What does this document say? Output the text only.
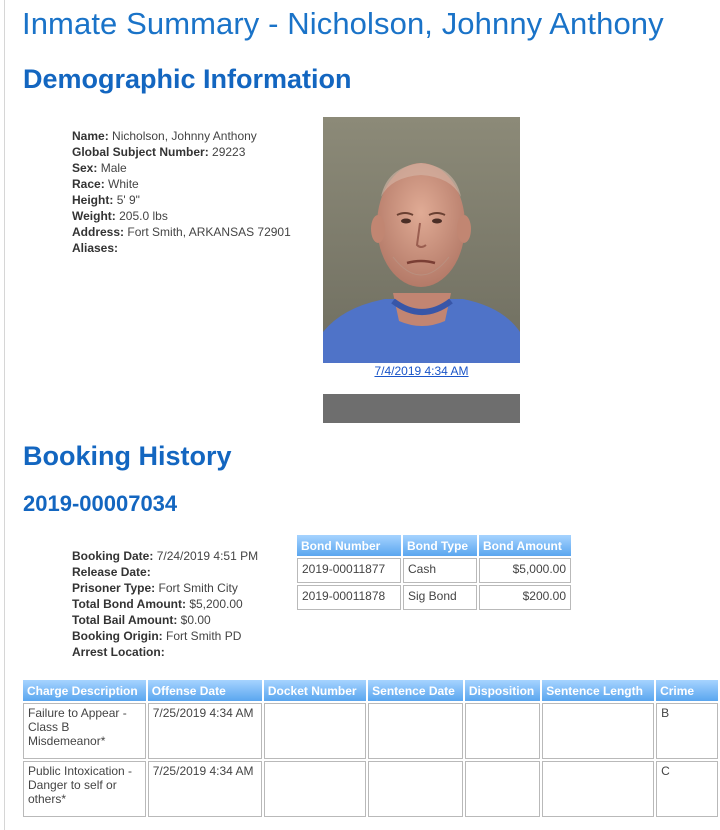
Inmate Summary - Nicholson, Johnny Anthony
Demographic Information
Name: Nicholson, Johnny Anthony
Global Subject Number: 29223
Sex: Male
Race: White
Height: 5' 9"
Weight: 205.0 lbs
Address: Fort Smith, ARKANSAS 72901
Aliases:
7/4/2019 4:34 AM
Booking History
2019-00007034
Booking Date: 7/24/2019 4:51 PM
Release Date:
Prisoner Type: Fort Smith City
Total Bond Amount: $5,200.00
Total Bail Amount: $0.00
Booking Origin: Fort Smith PD
Arrest Location:
Bond Number	Bond Type	Bond Amount
2019-00011877	Cash	$5,000.00
2019-00011878	Sig Bond	$200.00
Charge Description	Offense Date	Docket Number	Sentence Date	Disposition	Sentence Length	Crime
Failure to Appear - Class B Misdemeanor*	7/25/2019 4:34 AM					B
Public Intoxication - Danger to self or others*	7/25/2019 4:34 AM					C
